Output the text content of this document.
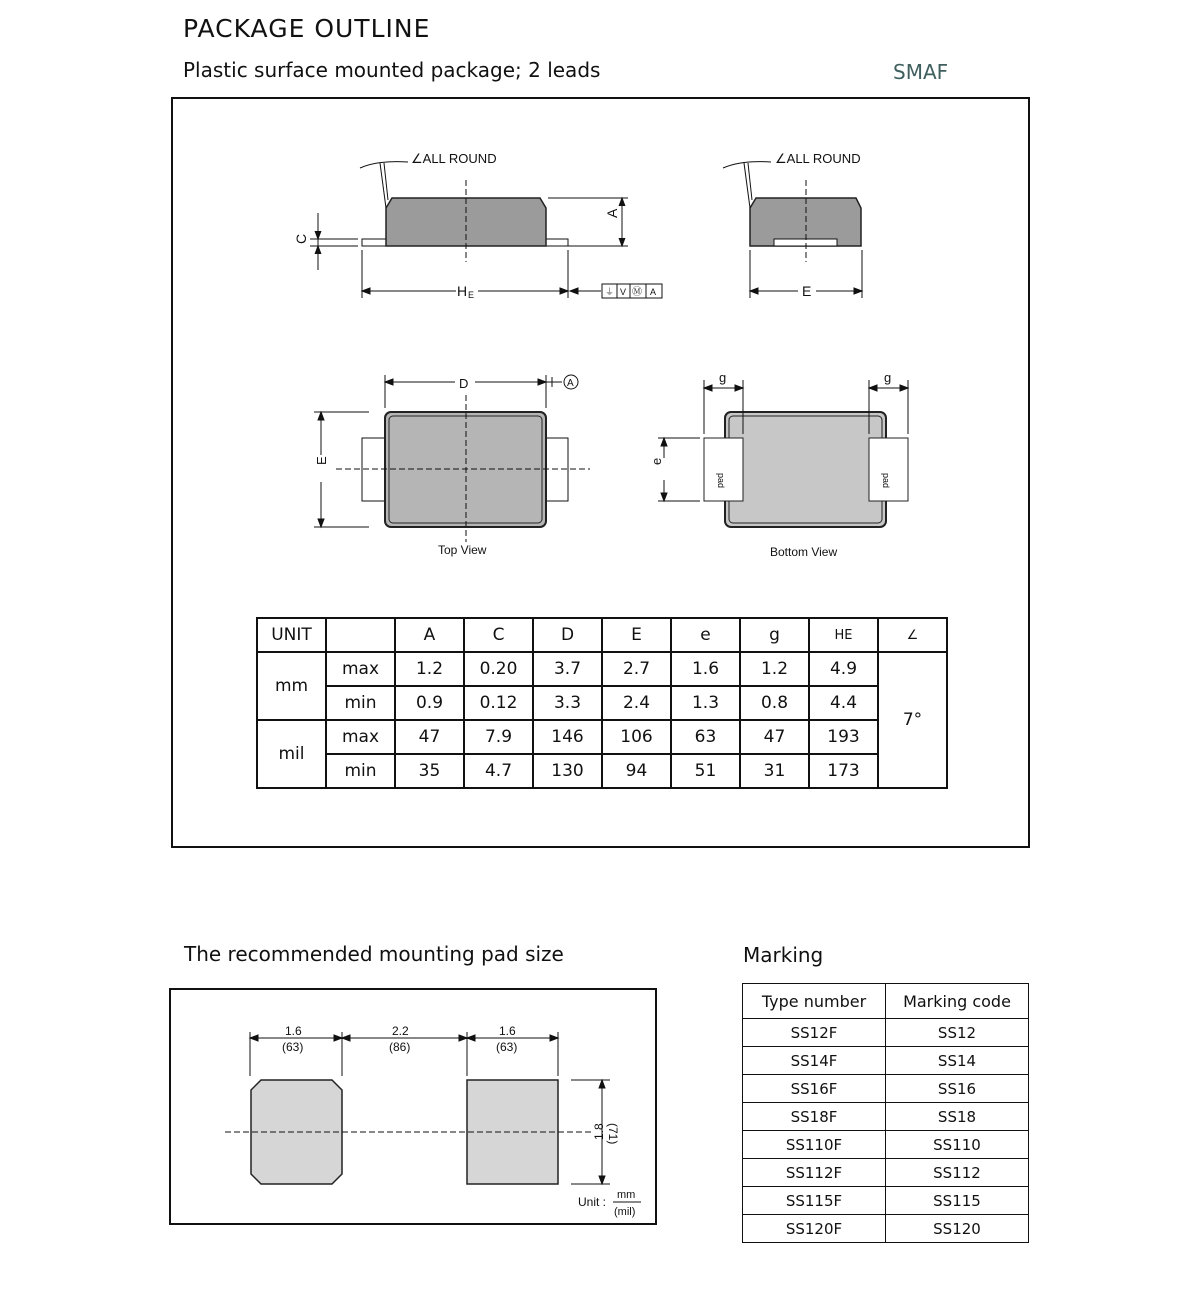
PACKAGE OUTLINE
Plastic surface mounted package; 2 leads	SMAF
∠ALL ROUND
C
A
H E	⏚ V Ⓜ A
∠ALL ROUND
E
D	A
E
Top View
g	g
e
pad	pad
Bottom View
UNIT		A	C	D	E	e	g	HE	∠
mm	max	1.2	0.20	3.7	2.7	1.6	1.2	4.9	7°
	min	0.9	0.12	3.3	2.4	1.3	0.8	4.4	
mil	max	47	7.9	146	106	63	47	193	
	min	35	4.7	130	94	51	31	173	
The recommended mounting pad size
1.6
(63)
2.2
(86)
1.6
(63)
1.8 (71)
Unit : mm
(mil)
Marking
Type number	Marking code
SS12F	SS12
SS14F	SS14
SS16F	SS16
SS18F	SS18
SS110F	SS110
SS112F	SS112
SS115F	SS115
SS120F	SS120
